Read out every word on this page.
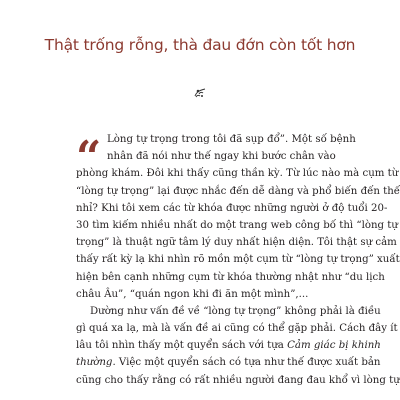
Thật trống rỗng, thà đau đớn còn tốt hơn
“ Lòng tự trọng trong tôi đã sụp đổ”. Một số bệnh
nhân đã nói như thế ngay khi bước chân vào
phòng khám. Đôi khi thấy cũng thần kỳ. Từ lúc nào mà cụm từ
“lòng tự trọng” lại được nhắc đến dễ dàng và phổ biến đến thế
nhỉ? Khi tôi xem các từ khóa được những người ở độ tuổi 20-
30 tìm kiếm nhiều nhất do một trang web công bố thì “lòng tự
trọng” là thuật ngữ tâm lý duy nhất hiện diện. Tôi thật sự cảm
thấy rất kỳ lạ khi nhìn rõ mồn một cụm từ “lòng tự trọng” xuất
hiện bên cạnh những cụm từ khóa thường nhật như “du lịch
châu Âu”, “quán ngon khi đi ăn một mình”,...
Dường như vấn đề về “lòng tự trọng” không phải là điều
gì quá xa lạ, mà là vấn đề ai cũng có thể gặp phải. Cách đây ít
lâu tôi nhìn thấy một quyển sách với tựa Cảm giác bị khinh
thường. Việc một quyển sách có tựa như thế được xuất bản
cũng cho thấy rằng có rất nhiều người đang đau khổ vì lòng tự
